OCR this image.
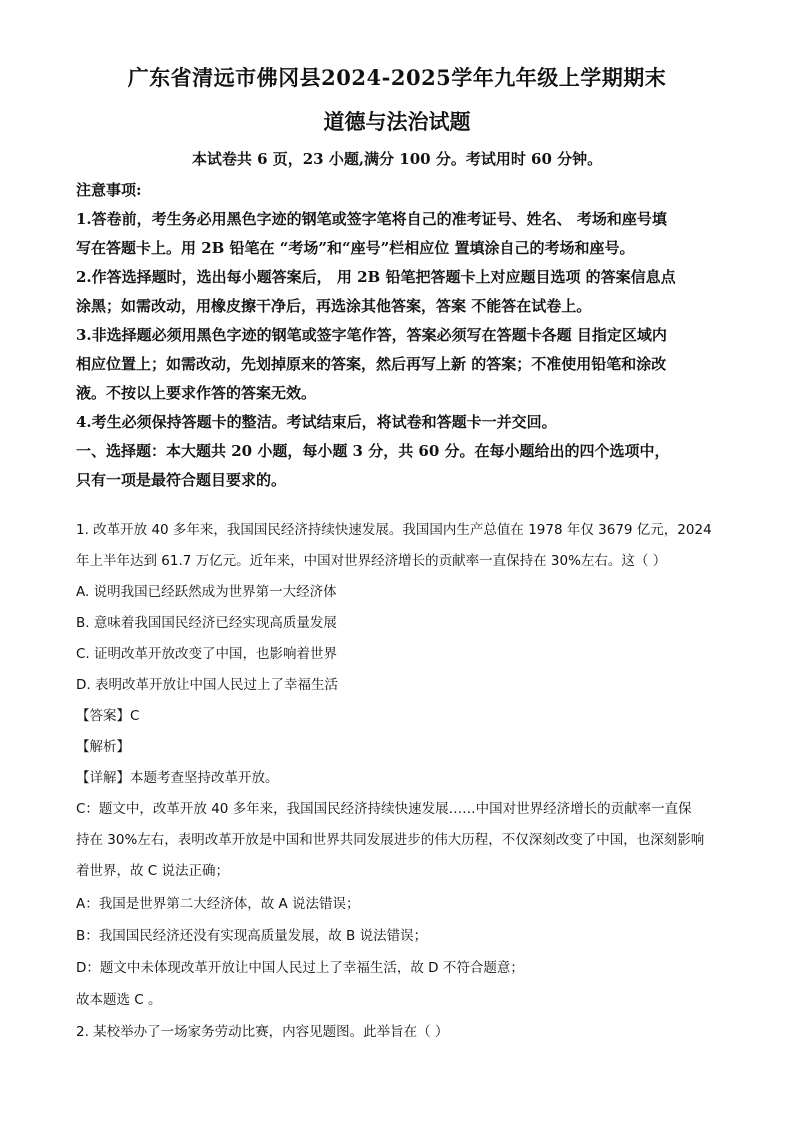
广东省清远市佛冈县2024-2025学年九年级上学期期末
道德与法治试题
本试卷共 6 页，23 小题,满分 100 分。考试用时 60 分钟。

注意事项:

1.答卷前，考生务必用黑色字迹的钢笔或签字笔将自己的准考证号、姓名、 考场和座号填

写在答题卡上。用 2B 铅笔在 “考场”和“座号”栏相应位 置填涂自己的考场和座号。

2.作答选择题时，选出每小题答案后， 用 2B 铅笔把答题卡上对应题目选项 的答案信息点

涂黑；如需改动，用橡皮擦干净后，再选涂其他答案，答案 不能答在试卷上。

3.非选择题必须用黑色字迹的钢笔或签字笔作答，答案必须写在答题卡各题 目指定区域内

相应位置上；如需改动，先划掉原来的答案，然后再写上新 的答案；不准使用铅笔和涂改

液。不按以上要求作答的答案无效。

4.考生必须保持答题卡的整洁。考试结束后，将试卷和答题卡一并交回。

一、选择题：本大题共 20 小题，每小题 3 分，共 60 分。在每小题给出的四个选项中，

只有一项是最符合题目要求的。

1. 改革开放 40 多年来，我国国民经济持续快速发展。我国国内生产总值在 1978 年仅 3679 亿元，2024

年上半年达到 61.7 万亿元。近年来，中国对世界经济增长的贡献率一直保持在 30%左右。这（ ）

A. 说明我国已经跃然成为世界第一大经济体

B. 意味着我国国民经济已经实现高质量发展

C. 证明改革开放改变了中国，也影响着世界

D. 表明改革开放让中国人民过上了幸福生活

【答案】C

【解析】

【详解】本题考查坚持改革开放。

C：题文中，改革开放 40 多年来，我国国民经济持续快速发展……中国对世界经济增长的贡献率一直保

持在 30%左右，表明改革开放是中国和世界共同发展进步的伟大历程，不仅深刻改变了中国，也深刻影响

着世界，故 C 说法正确；

A：我国是世界第二大经济体，故 A 说法错误；

B：我国国民经济还没有实现高质量发展，故 B 说法错误；

D：题文中未体现改革开放让中国人民过上了幸福生活，故 D 不符合题意；

故本题选 C 。

2. 某校举办了一场家务劳动比赛，内容见题图。此举旨在（ ）
